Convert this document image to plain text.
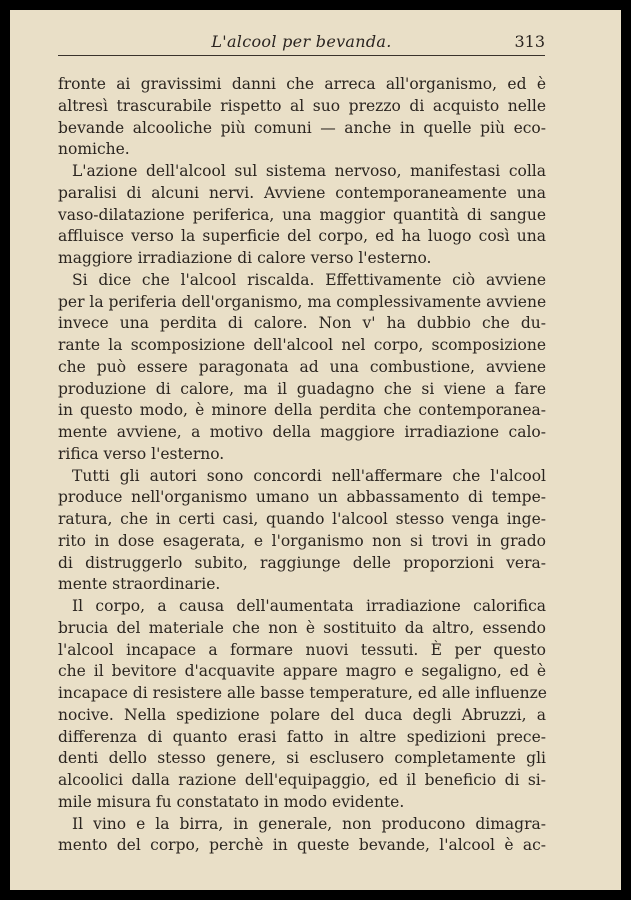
L'alcool per bevanda.	313
fronte ai gravissimi danni che arreca all'organismo, ed è
altresì trascurabile rispetto al suo prezzo di acquisto nelle
bevande alcooliche più comuni — anche in quelle più eco-
nomiche.
L'azione dell'alcool sul sistema nervoso, manifestasi colla
paralisi di alcuni nervi. Avviene contemporaneamente una
vaso-dilatazione periferica, una maggior quantità di sangue
affluisce verso la superficie del corpo, ed ha luogo così una
maggiore irradiazione di calore verso l'esterno.
Si dice che l'alcool riscalda. Effettivamente ciò avviene
per la periferia dell'organismo, ma complessivamente avviene
invece una perdita di calore. Non v' ha dubbio che du-
rante la scomposizione dell'alcool nel corpo, scomposizione
che può essere paragonata ad una combustione, avviene
produzione di calore, ma il guadagno che si viene a fare
in questo modo, è minore della perdita che contemporanea-
mente avviene, a motivo della maggiore irradiazione calo-
rifica verso l'esterno.
Tutti gli autori sono concordi nell'affermare che l'alcool
produce nell'organismo umano un abbassamento di tempe-
ratura, che in certi casi, quando l'alcool stesso venga inge-
rito in dose esagerata, e l'organismo non si trovi in grado
di distruggerlo subito, raggiunge delle proporzioni vera-
mente straordinarie.
Il corpo, a causa dell'aumentata irradiazione calorifica
brucia del materiale che non è sostituito da altro, essendo
l'alcool incapace a formare nuovi tessuti. È per questo
che il bevitore d'acquavite appare magro e segaligno, ed è
incapace di resistere alle basse temperature, ed alle influenze
nocive. Nella spedizione polare del duca degli Abruzzi, a
differenza di quanto erasi fatto in altre spedizioni prece-
denti dello stesso genere, si esclusero completamente gli
alcoolici dalla razione dell'equipaggio, ed il beneficio di si-
mile misura fu constatato in modo evidente.
Il vino e la birra, in generale, non producono dimagra-
mento del corpo, perchè in queste bevande, l'alcool è ac-
